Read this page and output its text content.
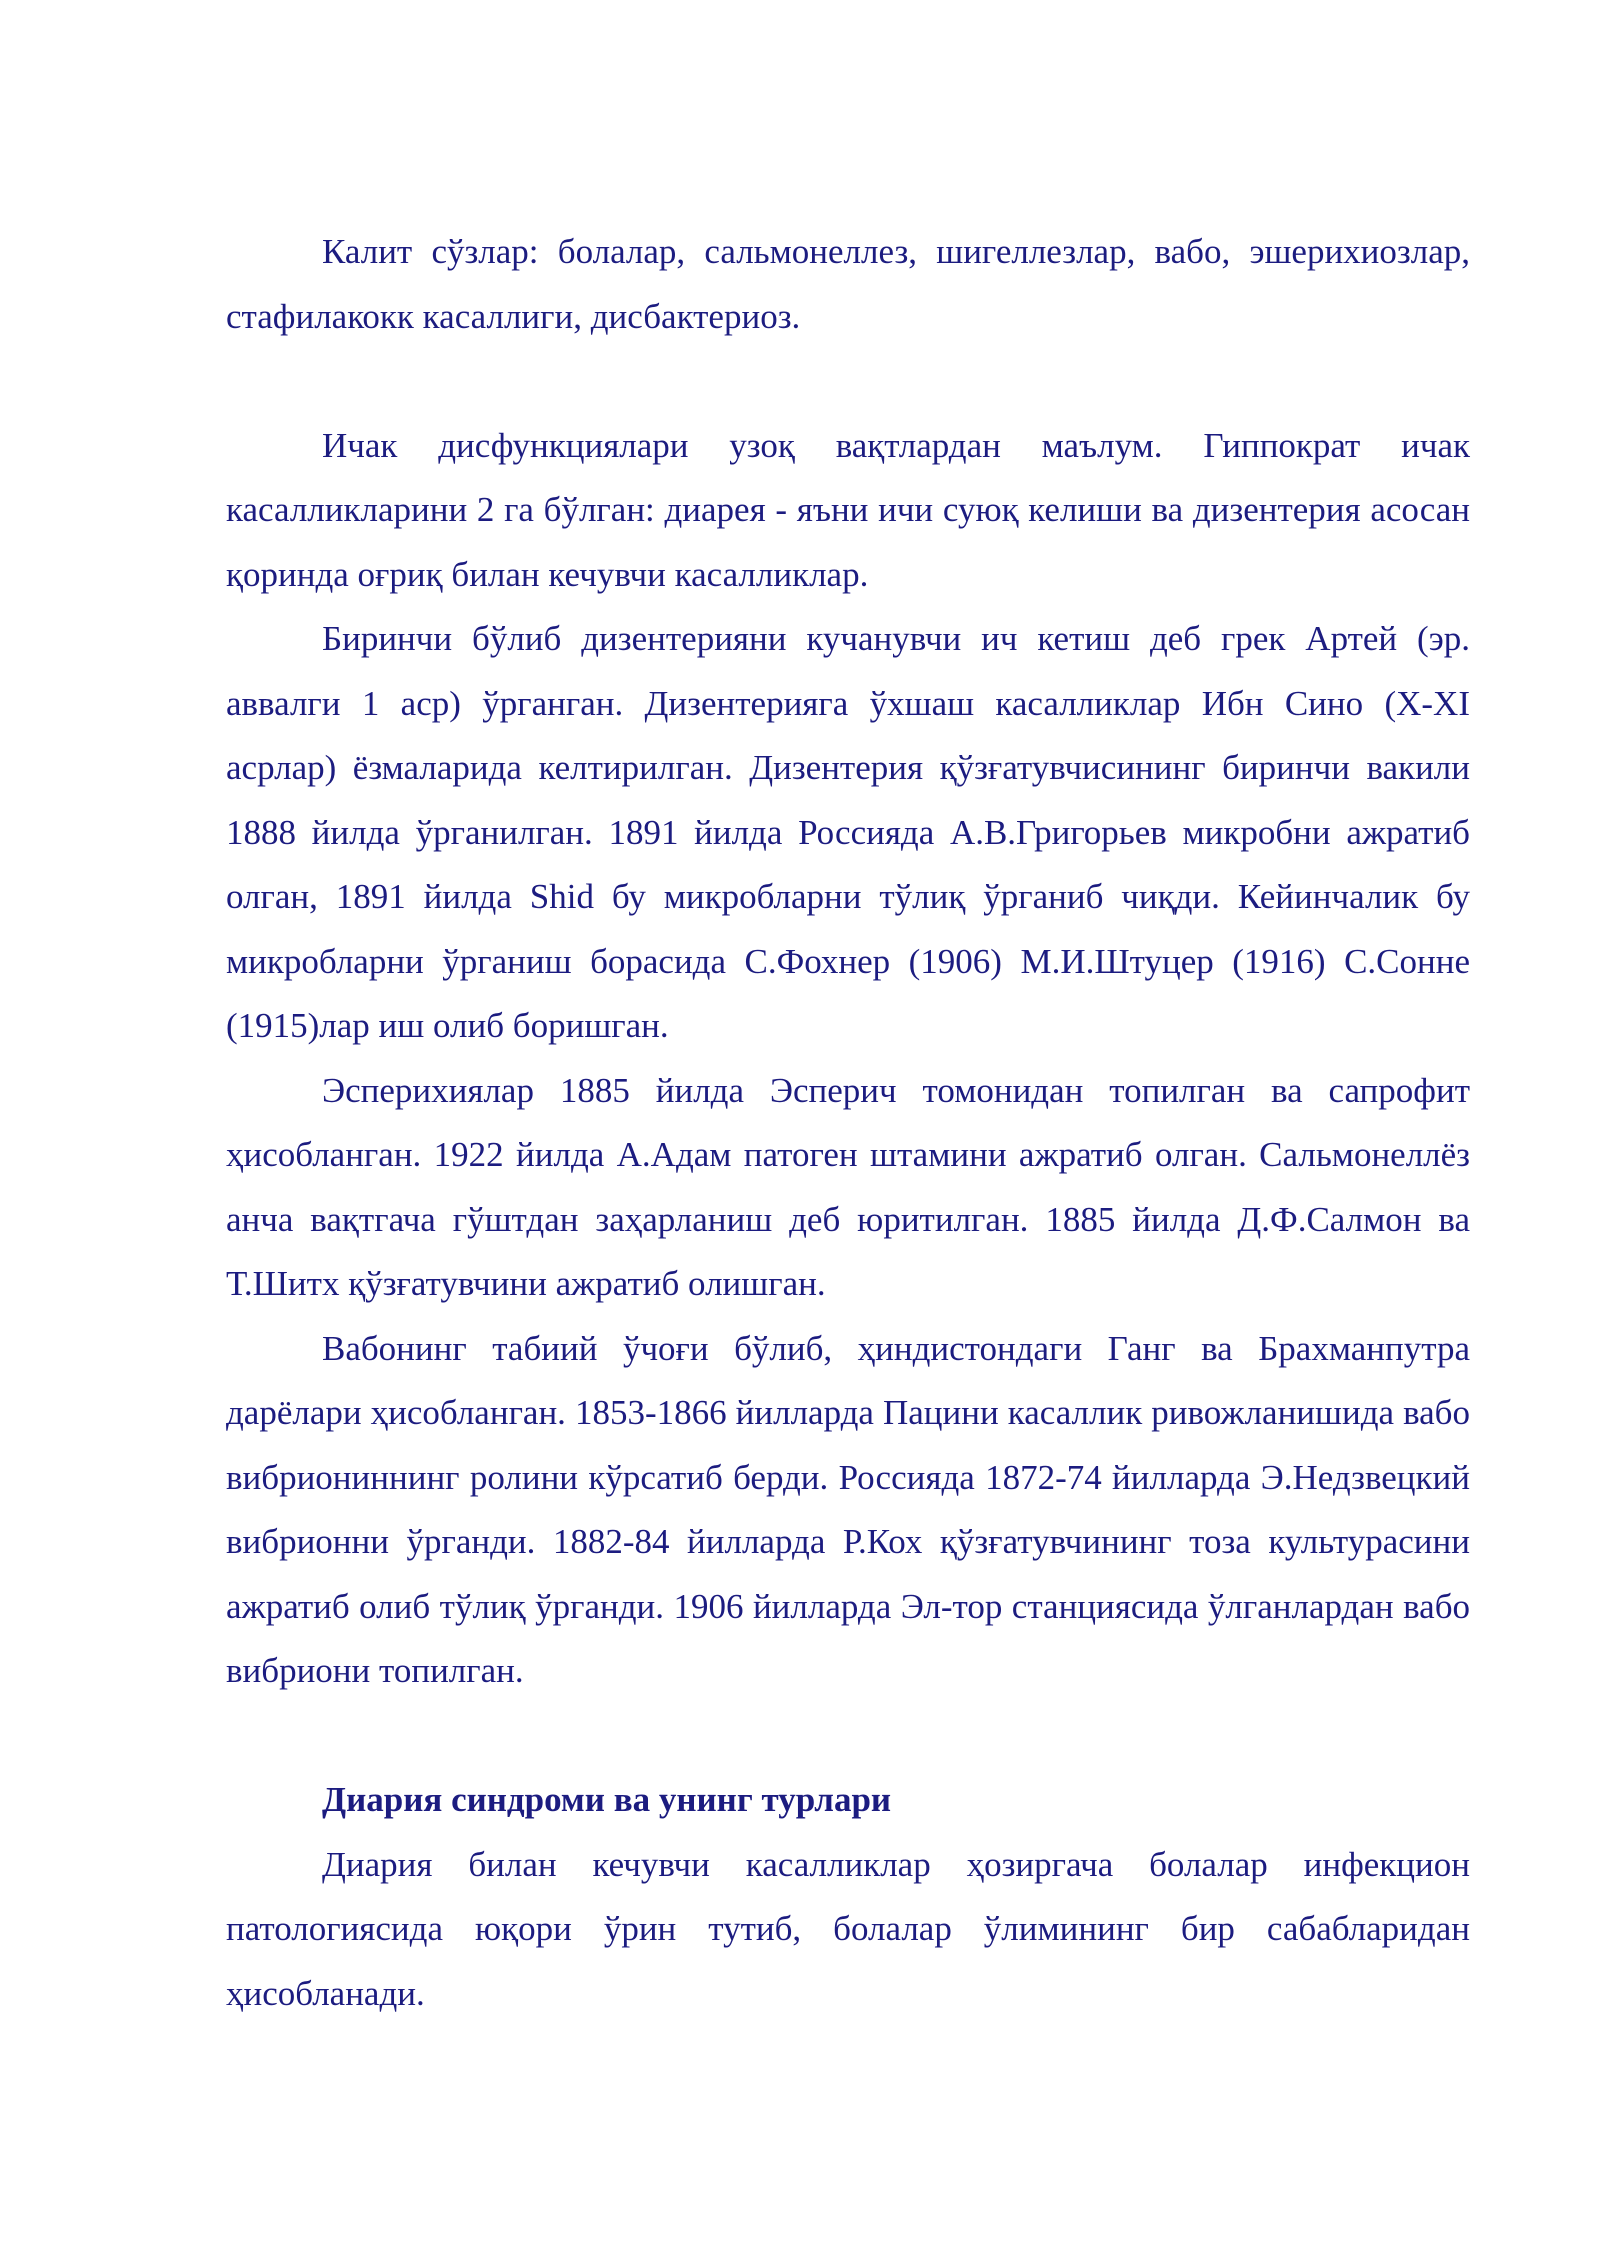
Калит сўзлар: болалар, сальмонеллез, шигеллезлар, вабо, эшерихиозлар, стафилакокк касаллиги, дисбактериоз.

Ичак дисфункциялари узоқ вақтлардан маълум. Гиппократ ичак касалликларини 2 га бўлган: диарея - яъни ичи суюқ келиши ва дизентерия асосан қоринда оғриқ билан кечувчи касалликлар.

Биринчи бўлиб дизентерияни кучанувчи ич кетиш деб грек Артей (эр. аввалги 1 аср) ўрганган. Дизентерияга ўхшаш касалликлар Ибн Сино (X-XI асрлар) ёзмаларида келтирилган. Дизентерия қўзғатувчисининг биринчи вакили 1888 йилда ўрганилган. 1891 йилда Россияда А.В.Григорьев микробни ажратиб олган, 1891 йилда Shid бу микробларни тўлиқ ўрганиб чиқди. Кейинчалик бу микробларни ўрганиш борасида С.Фохнер (1906) М.И.Штуцер (1916) С.Сонне (1915)лар иш олиб боришган.

Эсперихиялар 1885 йилда Эсперич томонидан топилган ва сапрофит ҳисобланган. 1922 йилда А.Адам патоген штамини ажратиб олган. Сальмонеллёз анча вақтгача гўштдан заҳарланиш деб юритилган. 1885 йилда Д.Ф.Салмон ва Т.Шитх қўзғатувчини ажратиб олишган.

Вабонинг табиий ўчоғи бўлиб, ҳиндистондаги Ганг ва Брахманпутра дарёлари ҳисобланган. 1853-1866 йилларда Пацини касаллик ривожланишида вабо вибриониннинг ролини кўрсатиб берди. Россияда 1872-74 йилларда Э.Недзвецкий вибрионни ўрганди. 1882-84 йилларда Р.Кох қўзғатувчининг тоза культурасини ажратиб олиб тўлиқ ўрганди. 1906 йилларда Эл-тор станциясида ўлганлардан вабо вибриони топилган.

Диария синдроми ва унинг турлари

Диария билан кечувчи касалликлар ҳозиргача болалар инфекцион патологиясида юқори ўрин тутиб, болалар ўлимининг бир сабабларидан ҳисобланади.
